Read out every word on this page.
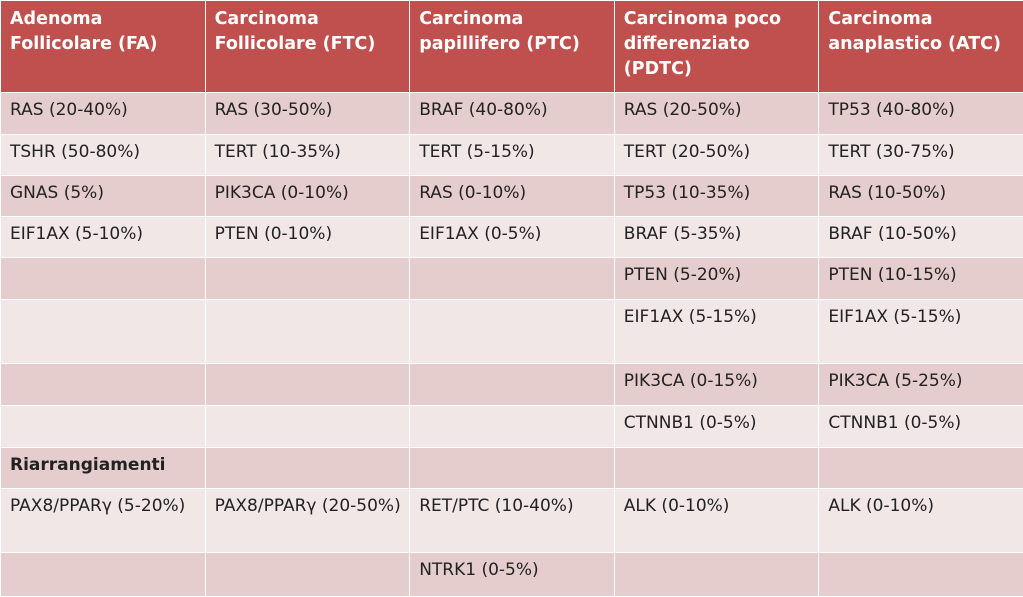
Adenoma Follicolare (FA)	Carcinoma Follicolare (FTC)	Carcinoma papillifero (PTC)	Carcinoma poco differenziato (PDTC)	Carcinoma anaplastico (ATC)
RAS (20-40%)	RAS (30-50%)	BRAF (40-80%)	RAS (20-50%)	TP53 (40-80%)
TSHR (50-80%)	TERT (10-35%)	TERT (5-15%)	TERT (20-50%)	TERT (30-75%)
GNAS (5%)	PIK3CA (0-10%)	RAS (0-10%)	TP53 (10-35%)	RAS (10-50%)
EIF1AX (5-10%)	PTEN (0-10%)	EIF1AX (0-5%)	BRAF (5-35%)	BRAF (10-50%)
			PTEN (5-20%)	PTEN (10-15%)
			EIF1AX (5-15%)	EIF1AX (5-15%)
			PIK3CA (0-15%)	PIK3CA (5-25%)
			CTNNB1 (0-5%)	CTNNB1 (0-5%)
Riarrangiamenti				
PAX8/PPARγ (5-20%)	PAX8/PPARγ (20-50%)	RET/PTC (10-40%)	ALK (0-10%)	ALK (0-10%)
		NTRK1 (0-5%)		
